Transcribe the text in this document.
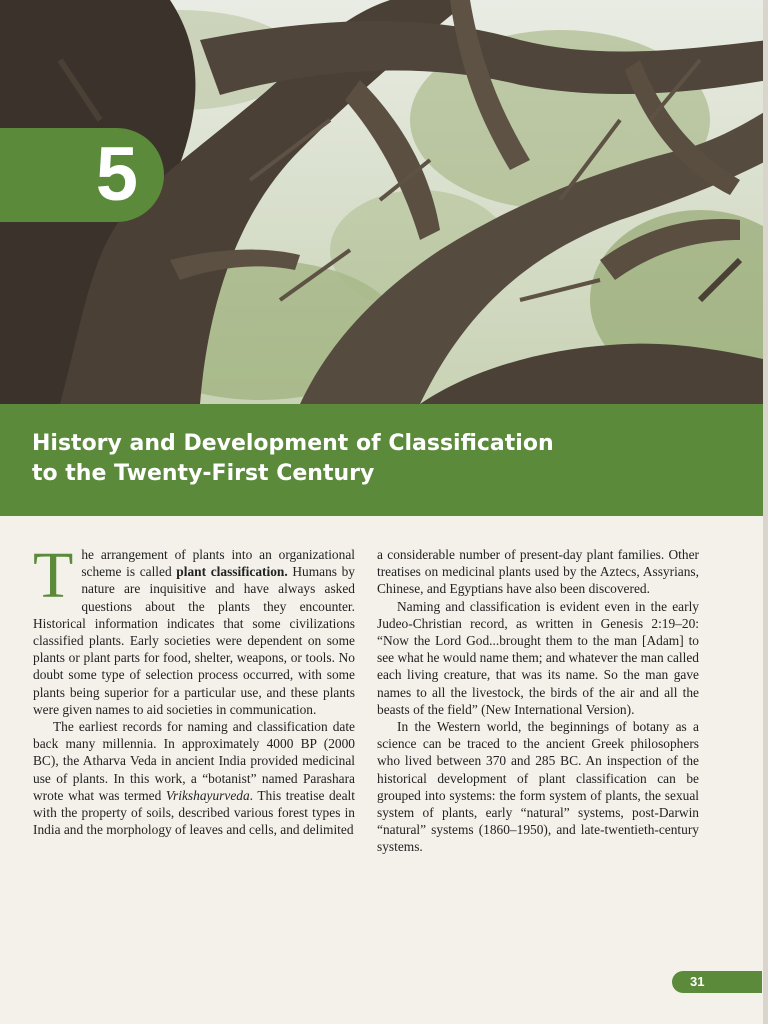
5
History and Development of Classification
to the Twenty-First Century

The arrangement of plants into an organizational scheme is called plant classification. Humans by nature are inquisitive and have always asked questions about the plants they encounter. Historical information indicates that some civilizations classified plants. Early societies were dependent on some plants or plant parts for food, shelter, weapons, or tools. No doubt some type of selection process occurred, with some plants being superior for a particular use, and these plants were given names to aid societies in communication.

The earliest records for naming and classification date back many millennia. In approximately 4000 BP (2000 BC), the Atharva Veda in ancient India provided medicinal use of plants. In this work, a “botanist” named Parashara wrote what was termed Vrikshayurveda. This treatise dealt with the property of soils, described various forest types in India and the morphology of leaves and cells, and delimited

a considerable number of present-day plant families. Other treatises on medicinal plants used by the Aztecs, Assyrians, Chinese, and Egyptians have also been discovered.

Naming and classification is evident even in the early Judeo-Christian record, as written in Genesis 2:19–20: “Now the Lord God...brought them to the man [Adam] to see what he would name them; and whatever the man called each living creature, that was its name. So the man gave names to all the livestock, the birds of the air and all the beasts of the field” (New International Version).

In the Western world, the beginnings of botany as a science can be traced to the ancient Greek philosophers who lived between 370 and 285 BC. An inspection of the historical development of plant classification can be grouped into systems: the form system of plants, the sexual system of plants, early “natural” systems, post-Darwin “natural” systems (1860–1950), and late-twentieth-century systems.

31
